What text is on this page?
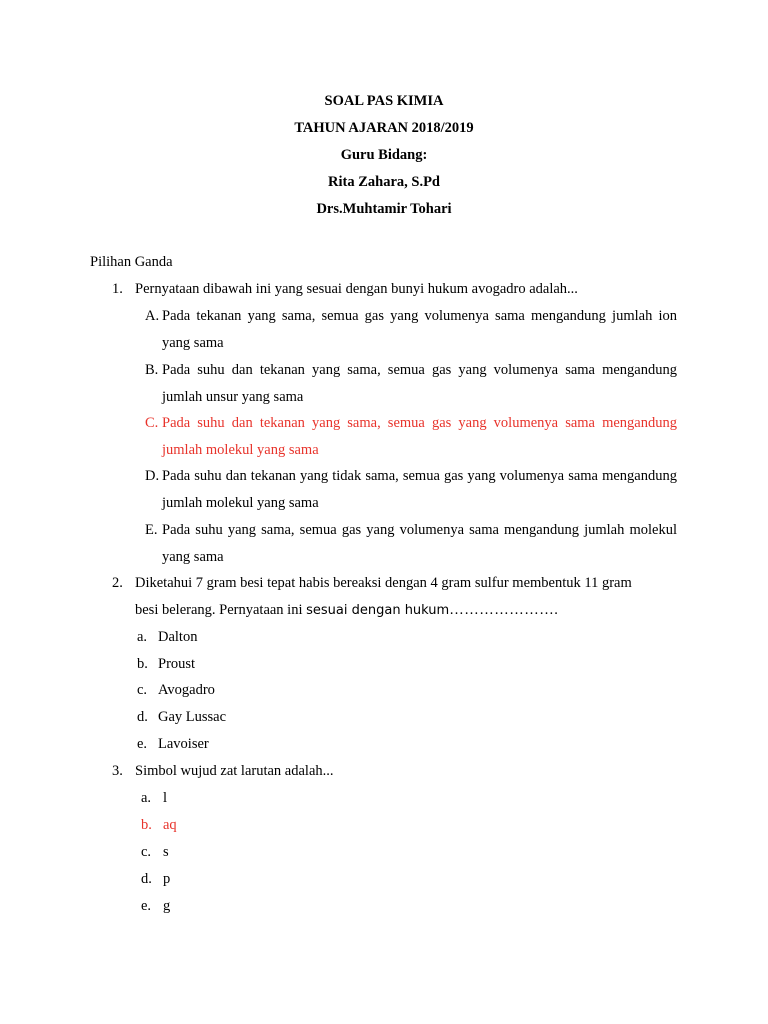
SOAL PAS KIMIA
TAHUN AJARAN 2018/2019
Guru Bidang:
Rita Zahara, S.Pd
Drs.Muhtamir Tohari
Pilihan Ganda
1. Pernyataan dibawah ini yang sesuai dengan bunyi hukum avogadro adalah...
A. Pada tekanan yang sama, semua gas yang volumenya sama mengandung jumlah ion yang sama
B. Pada suhu dan tekanan yang sama, semua gas yang volumenya sama mengandung jumlah unsur yang sama
C. Pada suhu dan tekanan yang sama, semua gas yang volumenya sama mengandung jumlah molekul yang sama
D. Pada suhu dan tekanan yang tidak sama, semua gas yang volumenya sama mengandung jumlah molekul yang sama
E. Pada suhu yang sama, semua gas yang volumenya sama mengandung jumlah molekul yang sama
2. Diketahui 7 gram besi tepat habis bereaksi dengan 4 gram sulfur membentuk 11 gram
besi belerang. Pernyataan ini sesuai dengan hukum………………….
a. Dalton
b. Proust
c. Avogadro
d. Gay Lussac
e. Lavoiser
3. Simbol wujud zat larutan adalah...
a. l
b. aq
c. s
d. p
e. g
